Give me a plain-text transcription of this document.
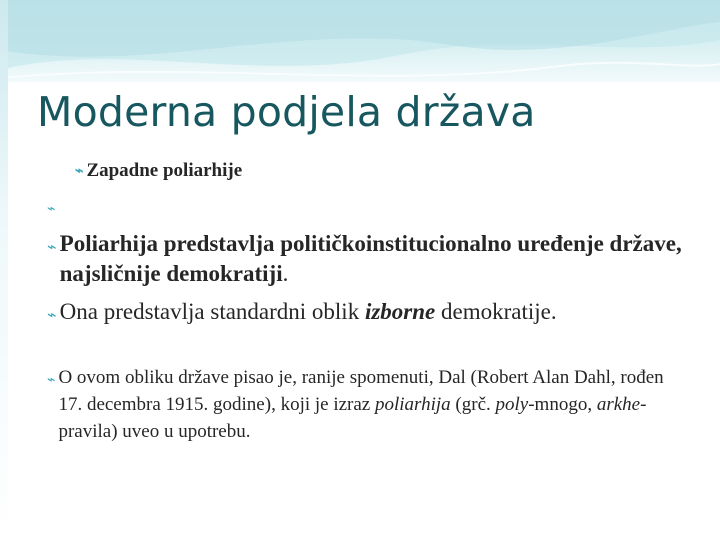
Moderna podjela država
⌁ Zapadne poliarhije
⌁
⌁ Poliarhija predstavlja političkoinstitucionalno uređenje države, najsličnije demokratiji.
⌁ Ona predstavlja standardni oblik izborne demokratije.
⌁ O ovom obliku države pisao je, ranije spomenuti, Dal (Robert Alan Dahl, rođen 17. decembra 1915. godine), koji je izraz poliarhija (grč. poly-mnogo, arkhe-pravila) uveo u upotrebu.
